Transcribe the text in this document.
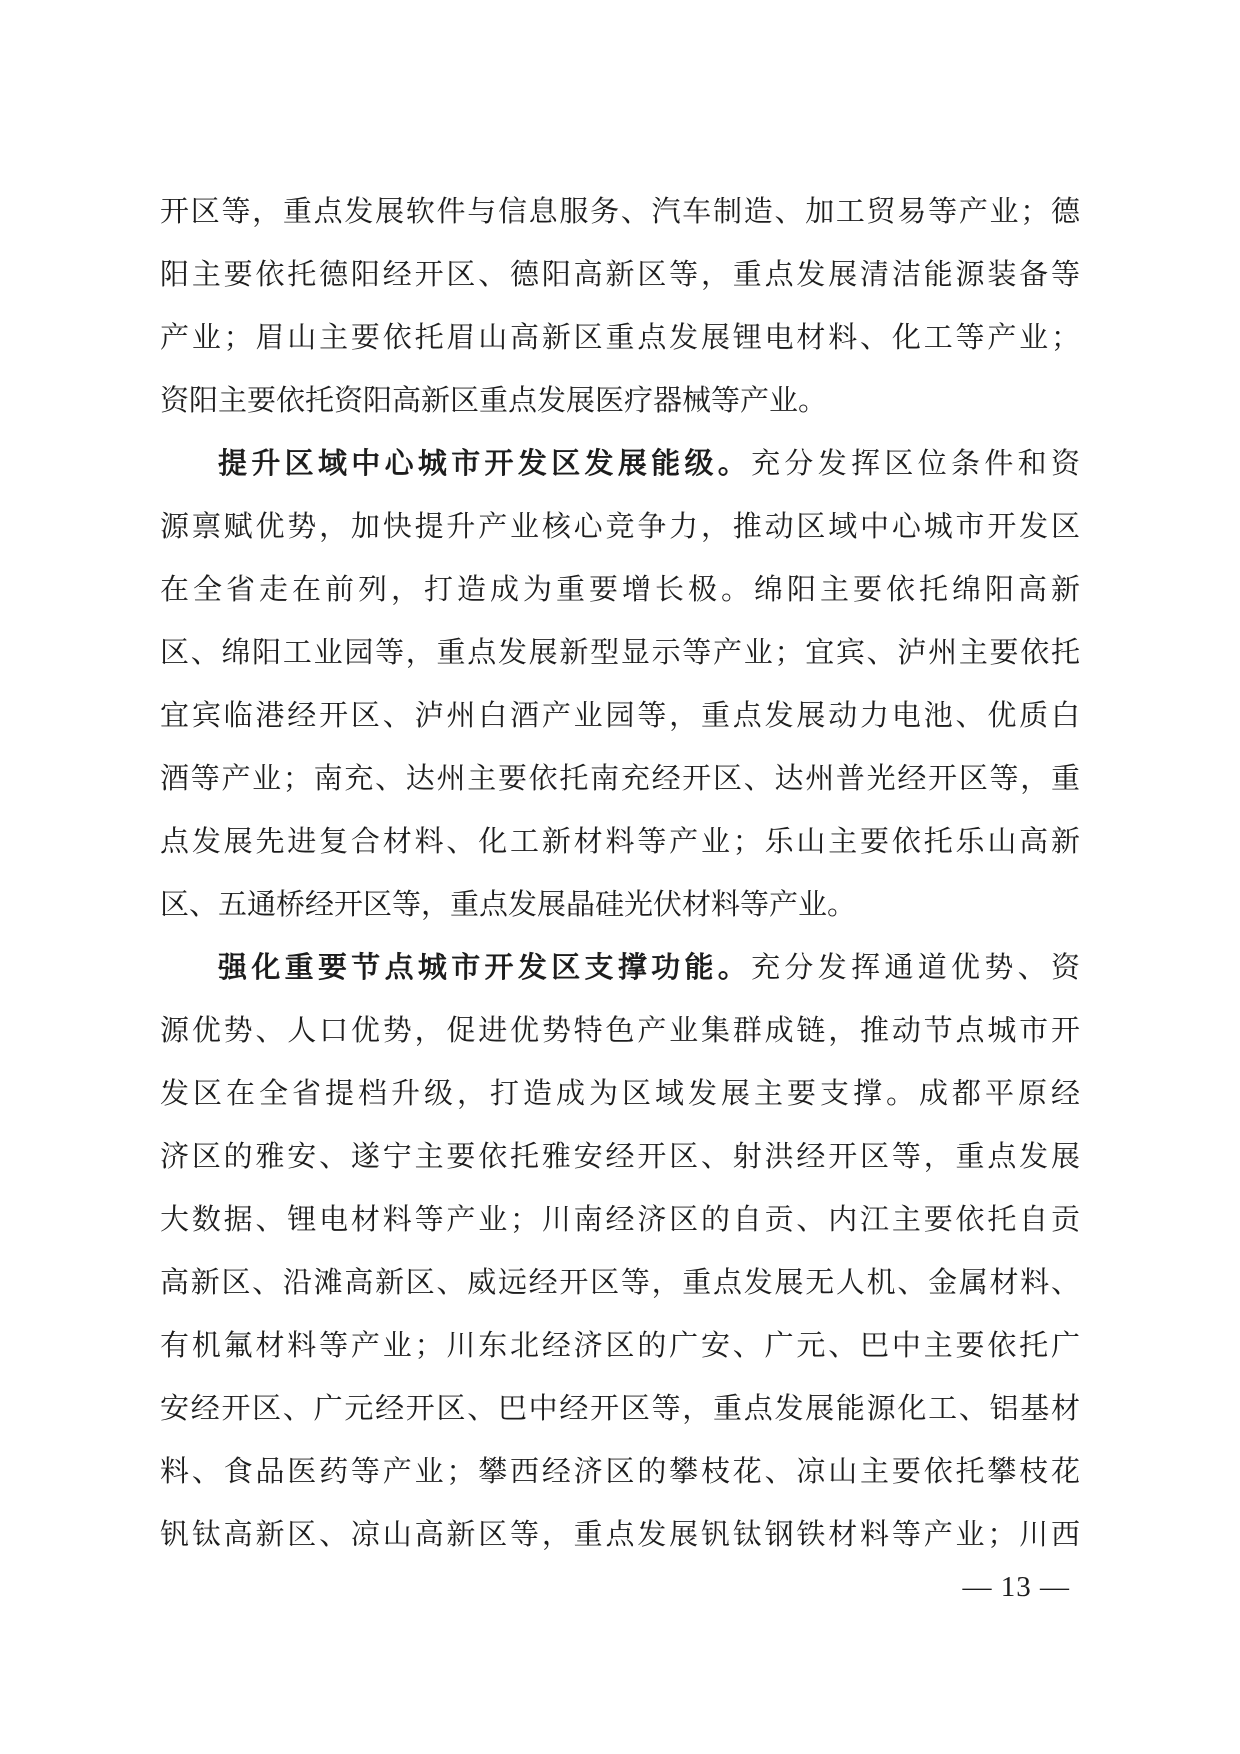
开区等，重点发展软件与信息服务、汽车制造、加工贸易等产业；德
阳主要依托德阳经开区、德阳高新区等，重点发展清洁能源装备等
产业；眉山主要依托眉山高新区重点发展锂电材料、化工等产业；
资阳主要依托资阳高新区重点发展医疗器械等产业。
提升区域中心城市开发区发展能级。充分发挥区位条件和资
源禀赋优势，加快提升产业核心竞争力，推动区域中心城市开发区
在全省走在前列，打造成为重要增长极。绵阳主要依托绵阳高新
区、绵阳工业园等，重点发展新型显示等产业；宜宾、泸州主要依托
宜宾临港经开区、泸州白酒产业园等，重点发展动力电池、优质白
酒等产业；南充、达州主要依托南充经开区、达州普光经开区等，重
点发展先进复合材料、化工新材料等产业；乐山主要依托乐山高新
区、五通桥经开区等，重点发展晶硅光伏材料等产业。
强化重要节点城市开发区支撑功能。充分发挥通道优势、资
源优势、人口优势，促进优势特色产业集群成链，推动节点城市开
发区在全省提档升级，打造成为区域发展主要支撑。成都平原经
济区的雅安、遂宁主要依托雅安经开区、射洪经开区等，重点发展
大数据、锂电材料等产业；川南经济区的自贡、内江主要依托自贡
高新区、沿滩高新区、威远经开区等，重点发展无人机、金属材料、
有机氟材料等产业；川东北经济区的广安、广元、巴中主要依托广
安经开区、广元经开区、巴中经开区等，重点发展能源化工、铝基材
料、食品医药等产业；攀西经济区的攀枝花、凉山主要依托攀枝花
钒钛高新区、凉山高新区等，重点发展钒钛钢铁材料等产业；川西
— 13 —
